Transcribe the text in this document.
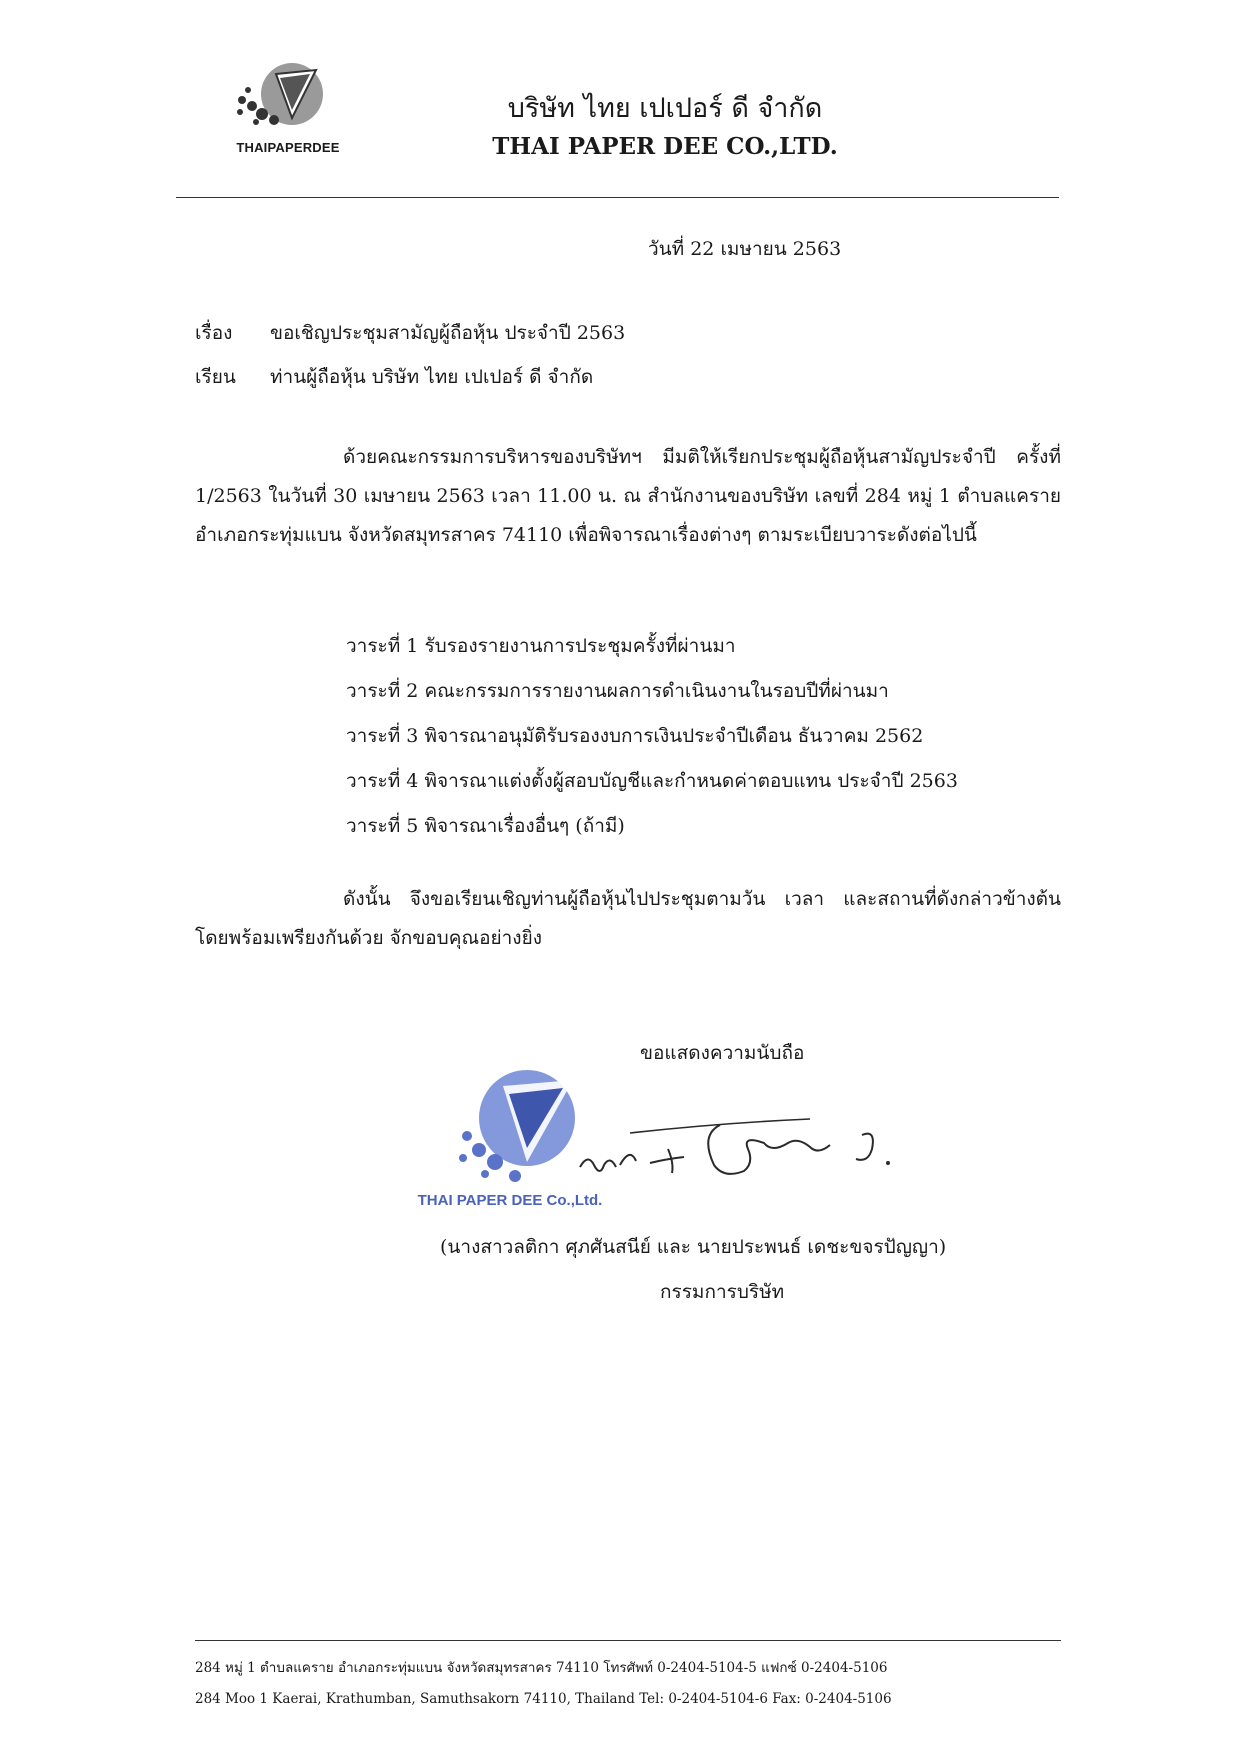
THAIPAPERDEE
บริษัท ไทย เปเปอร์ ดี จำกัด
THAI PAPER DEE CO.,LTD.
วันที่ 22 เมษายน 2563
เรื่อง ขอเชิญประชุมสามัญผู้ถือหุ้น ประจำปี 2563
เรียน ท่านผู้ถือหุ้น บริษัท ไทย เปเปอร์ ดี จำกัด

ด้วยคณะกรรมการบริหารของบริษัทฯ มีมติให้เรียกประชุมผู้ถือหุ้นสามัญประจำปี ครั้งที่ 1/2563 ในวันที่ 30 เมษายน 2563 เวลา 11.00 น. ณ สำนักงานของบริษัท เลขที่ 284 หมู่ 1 ตำบลแคราย อำเภอกระทุ่มแบน จังหวัดสมุทรสาคร 74110 เพื่อพิจารณาเรื่องต่างๆ ตามระเบียบวาระดังต่อไปนี้

วาระที่ 1 รับรองรายงานการประชุมครั้งที่ผ่านมา
วาระที่ 2 คณะกรรมการรายงานผลการดำเนินงานในรอบปีที่ผ่านมา
วาระที่ 3 พิจารณาอนุมัติรับรองงบการเงินประจำปีเดือน ธันวาคม 2562
วาระที่ 4 พิจารณาแต่งตั้งผู้สอบบัญชีและกำหนดค่าตอบแทน ประจำปี 2563
วาระที่ 5 พิจารณาเรื่องอื่นๆ (ถ้ามี)

ดังนั้น จึงขอเรียนเชิญท่านผู้ถือหุ้นไปประชุมตามวัน เวลา และสถานที่ดังกล่าวข้างต้น โดยพร้อมเพรียงกันด้วย จักขอบคุณอย่างยิ่ง

ขอแสดงความนับถือ
THAI PAPER DEE Co.,Ltd.
(นางสาวลติกา ศุภศันสนีย์ และ นายประพนธ์ เดชะขจรปัญญา)
กรรมการบริษัท
284 หมู่ 1 ตำบลแคราย อำเภอกระทุ่มแบน จังหวัดสมุทรสาคร 74110 โทรศัพท์ 0-2404-5104-5 แฟกซ์ 0-2404-5106
284 Moo 1 Kaerai, Krathumban, Samuthsakorn 74110, Thailand Tel: 0-2404-5104-6 Fax: 0-2404-5106
